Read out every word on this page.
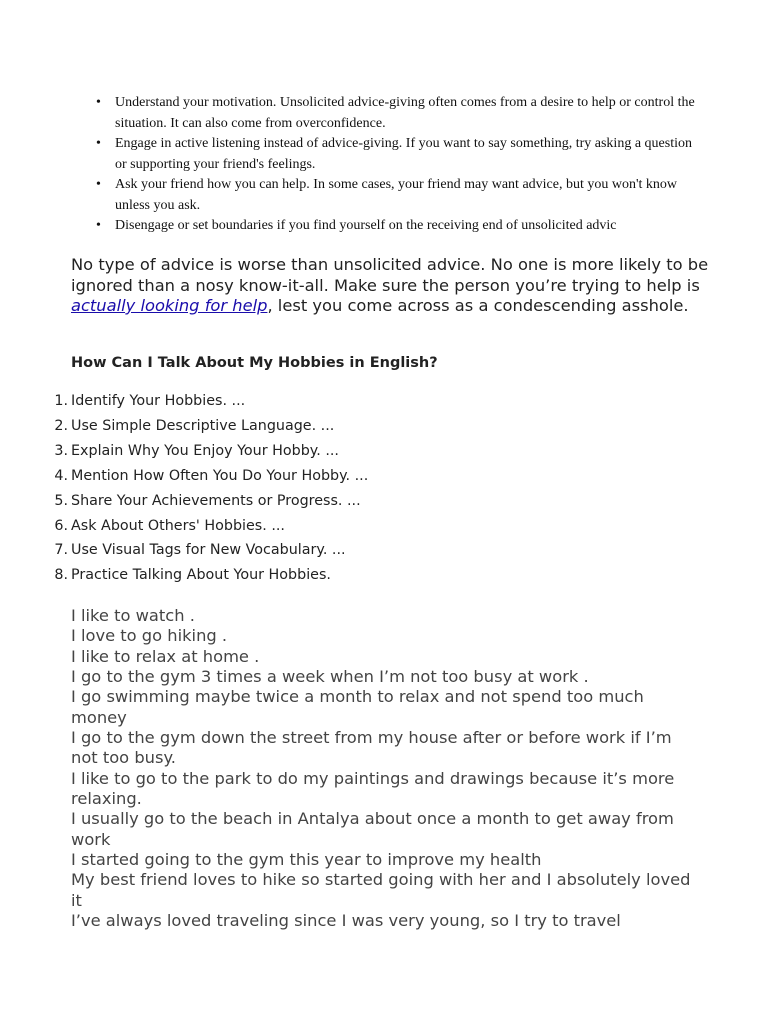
•	Understand your motivation. Unsolicited advice-giving often comes from a desire to help or control the situation. It can also come from overconfidence.
•	Engage in active listening instead of advice-giving. If you want to say something, try asking a question or supporting your friend's feelings.
•	Ask your friend how you can help. In some cases, your friend may want advice, but you won't know unless you ask.
•	Disengage or set boundaries if you find yourself on the receiving end of unsolicited advic

No type of advice is worse than unsolicited advice. No one is more likely to be ignored than a nosy know-it-all. Make sure the person you’re trying to help is actually looking for help, lest you come across as a condescending asshole.

How Can I Talk About My Hobbies in English?
1. Identify Your Hobbies. ...
2. Use Simple Descriptive Language. ...
3. Explain Why You Enjoy Your Hobby. ...
4. Mention How Often You Do Your Hobby. ...
5. Share Your Achievements or Progress. ...
6. Ask About Others' Hobbies. ...
7. Use Visual Tags for New Vocabulary. ...
8. Practice Talking About Your Hobbies.
I like to watch .
I love to go hiking .
I like to relax at home .
I go to the gym 3 times a week when I’m not too busy at work .
I go swimming maybe twice a month to relax and not spend too much money
I go to the gym down the street from my house after or before work if I’m not too busy.
I like to go to the park to do my paintings and drawings because it’s more relaxing.
I usually go to the beach in Antalya about once a month to get away from work
I started going to the gym this year to improve my health
My best friend loves to hike so started going with her and I absolutely loved it
I’ve always loved traveling since I was very young, so I try to travel
